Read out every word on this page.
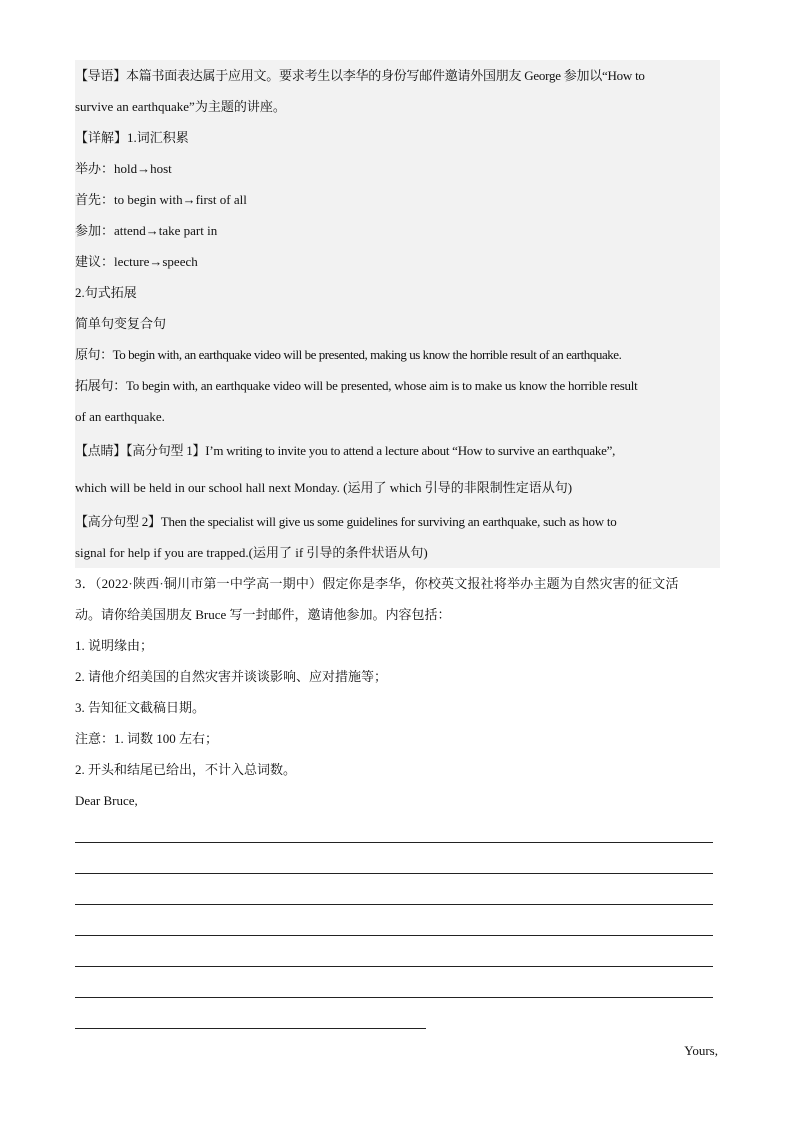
【导语】本篇书面表达属于应用文。要求考生以李华的身份写邮件邀请外国朋友 George 参加以“How to
survive an earthquake”为主题的讲座。
【详解】1.词汇积累
举办：hold→host
首先：to begin with→first of all
参加：attend→take part in
建议：lecture→speech
2.句式拓展
简单句变复合句
原句：To begin with, an earthquake video will be presented, making us know the horrible result of an earthquake.
拓展句：To begin with, an earthquake video will be presented, whose aim is to make us know the horrible result
of an earthquake.
【点睛】【高分句型 1】I’m writing to invite you to attend a lecture about “How to survive an earthquake”,
which will be held in our school hall next Monday. (运用了 which 引导的非限制性定语从句)
【高分句型 2】Then the specialist will give us some guidelines for surviving an earthquake, such as how to
signal for help if you are trapped.(运用了 if 引导的条件状语从句)
3．（2022·陕西·铜川市第一中学高一期中）假定你是李华，你校英文报社将举办主题为自然灾害的征文活
动。请你给美国朋友 Bruce 写一封邮件，邀请他参加。内容包括：
1. 说明缘由；
2. 请他介绍美国的自然灾害并谈谈影响、应对措施等；
3. 告知征文截稿日期。
注意：1. 词数 100 左右；
2. 开头和结尾已给出，不计入总词数。
Dear Bruce,
Yours,
